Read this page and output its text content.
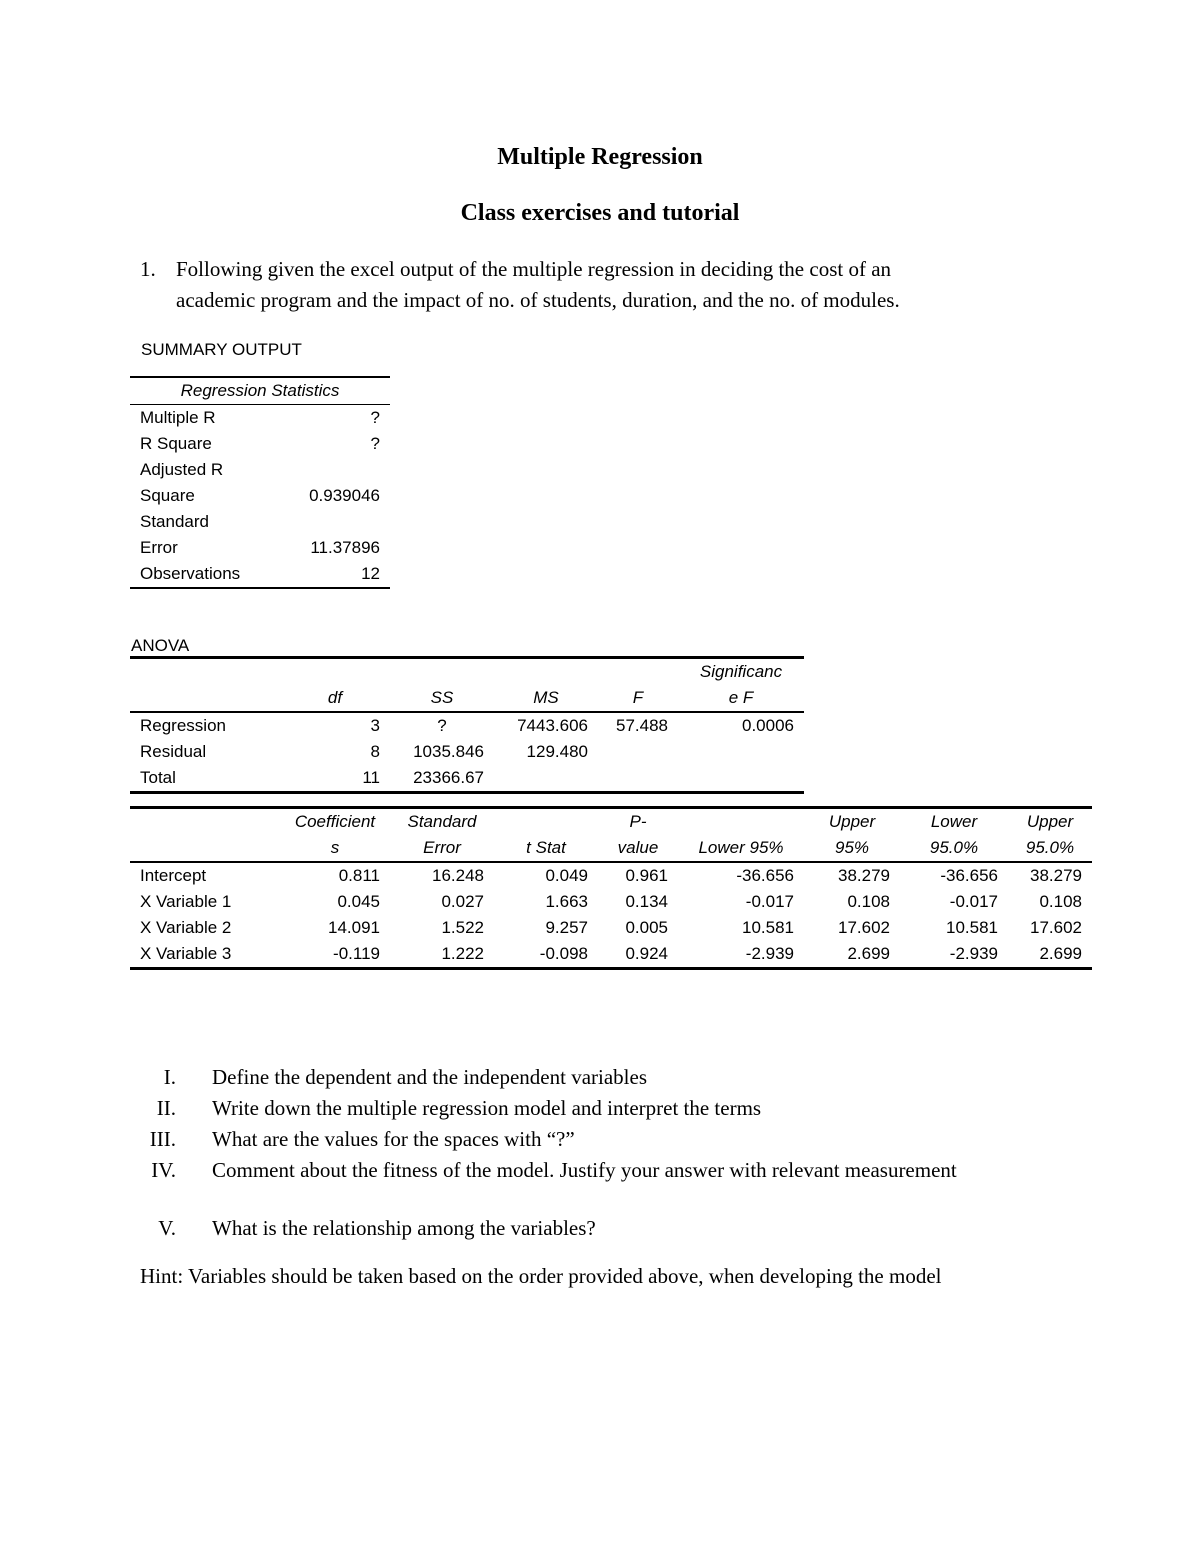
Multiple Regression
Class exercises and tutorial
1. Following given the excel output of the multiple regression in deciding the cost of an
academic program and the impact of no. of students, duration, and the no. of modules.
SUMMARY OUTPUT
Regression Statistics	
Multiple R	?
R Square	?
Adjusted R	
Square	0.939046
Standard	
Error	11.37896
Observations	12
ANOVA
					Significanc
	df	SS	MS	F	e F
Regression	3	?	7443.606	57.488	0.0006
Residual	8	1035.846	129.480		
Total	11	23366.67			
	Coefficient	Standard		P-		Upper	Lower	Upper
	s	Error	t Stat	value	Lower 95%	95%	95.0%	95.0%
Intercept	0.811	16.248	0.049	0.961	-36.656	38.279	-36.656	38.279
X Variable 1	0.045	0.027	1.663	0.134	-0.017	0.108	-0.017	0.108
X Variable 2	14.091	1.522	9.257	0.005	10.581	17.602	10.581	17.602
X Variable 3	-0.119	1.222	-0.098	0.924	-2.939	2.699	-2.939	2.699
I. Define the dependent and the independent variables
II. Write down the multiple regression model and interpret the terms
III. What are the values for the spaces with “?”
IV. Comment about the fitness of the model. Justify your answer with relevant measurement
V. What is the relationship among the variables?
Hint: Variables should be taken based on the order provided above, when developing the model
